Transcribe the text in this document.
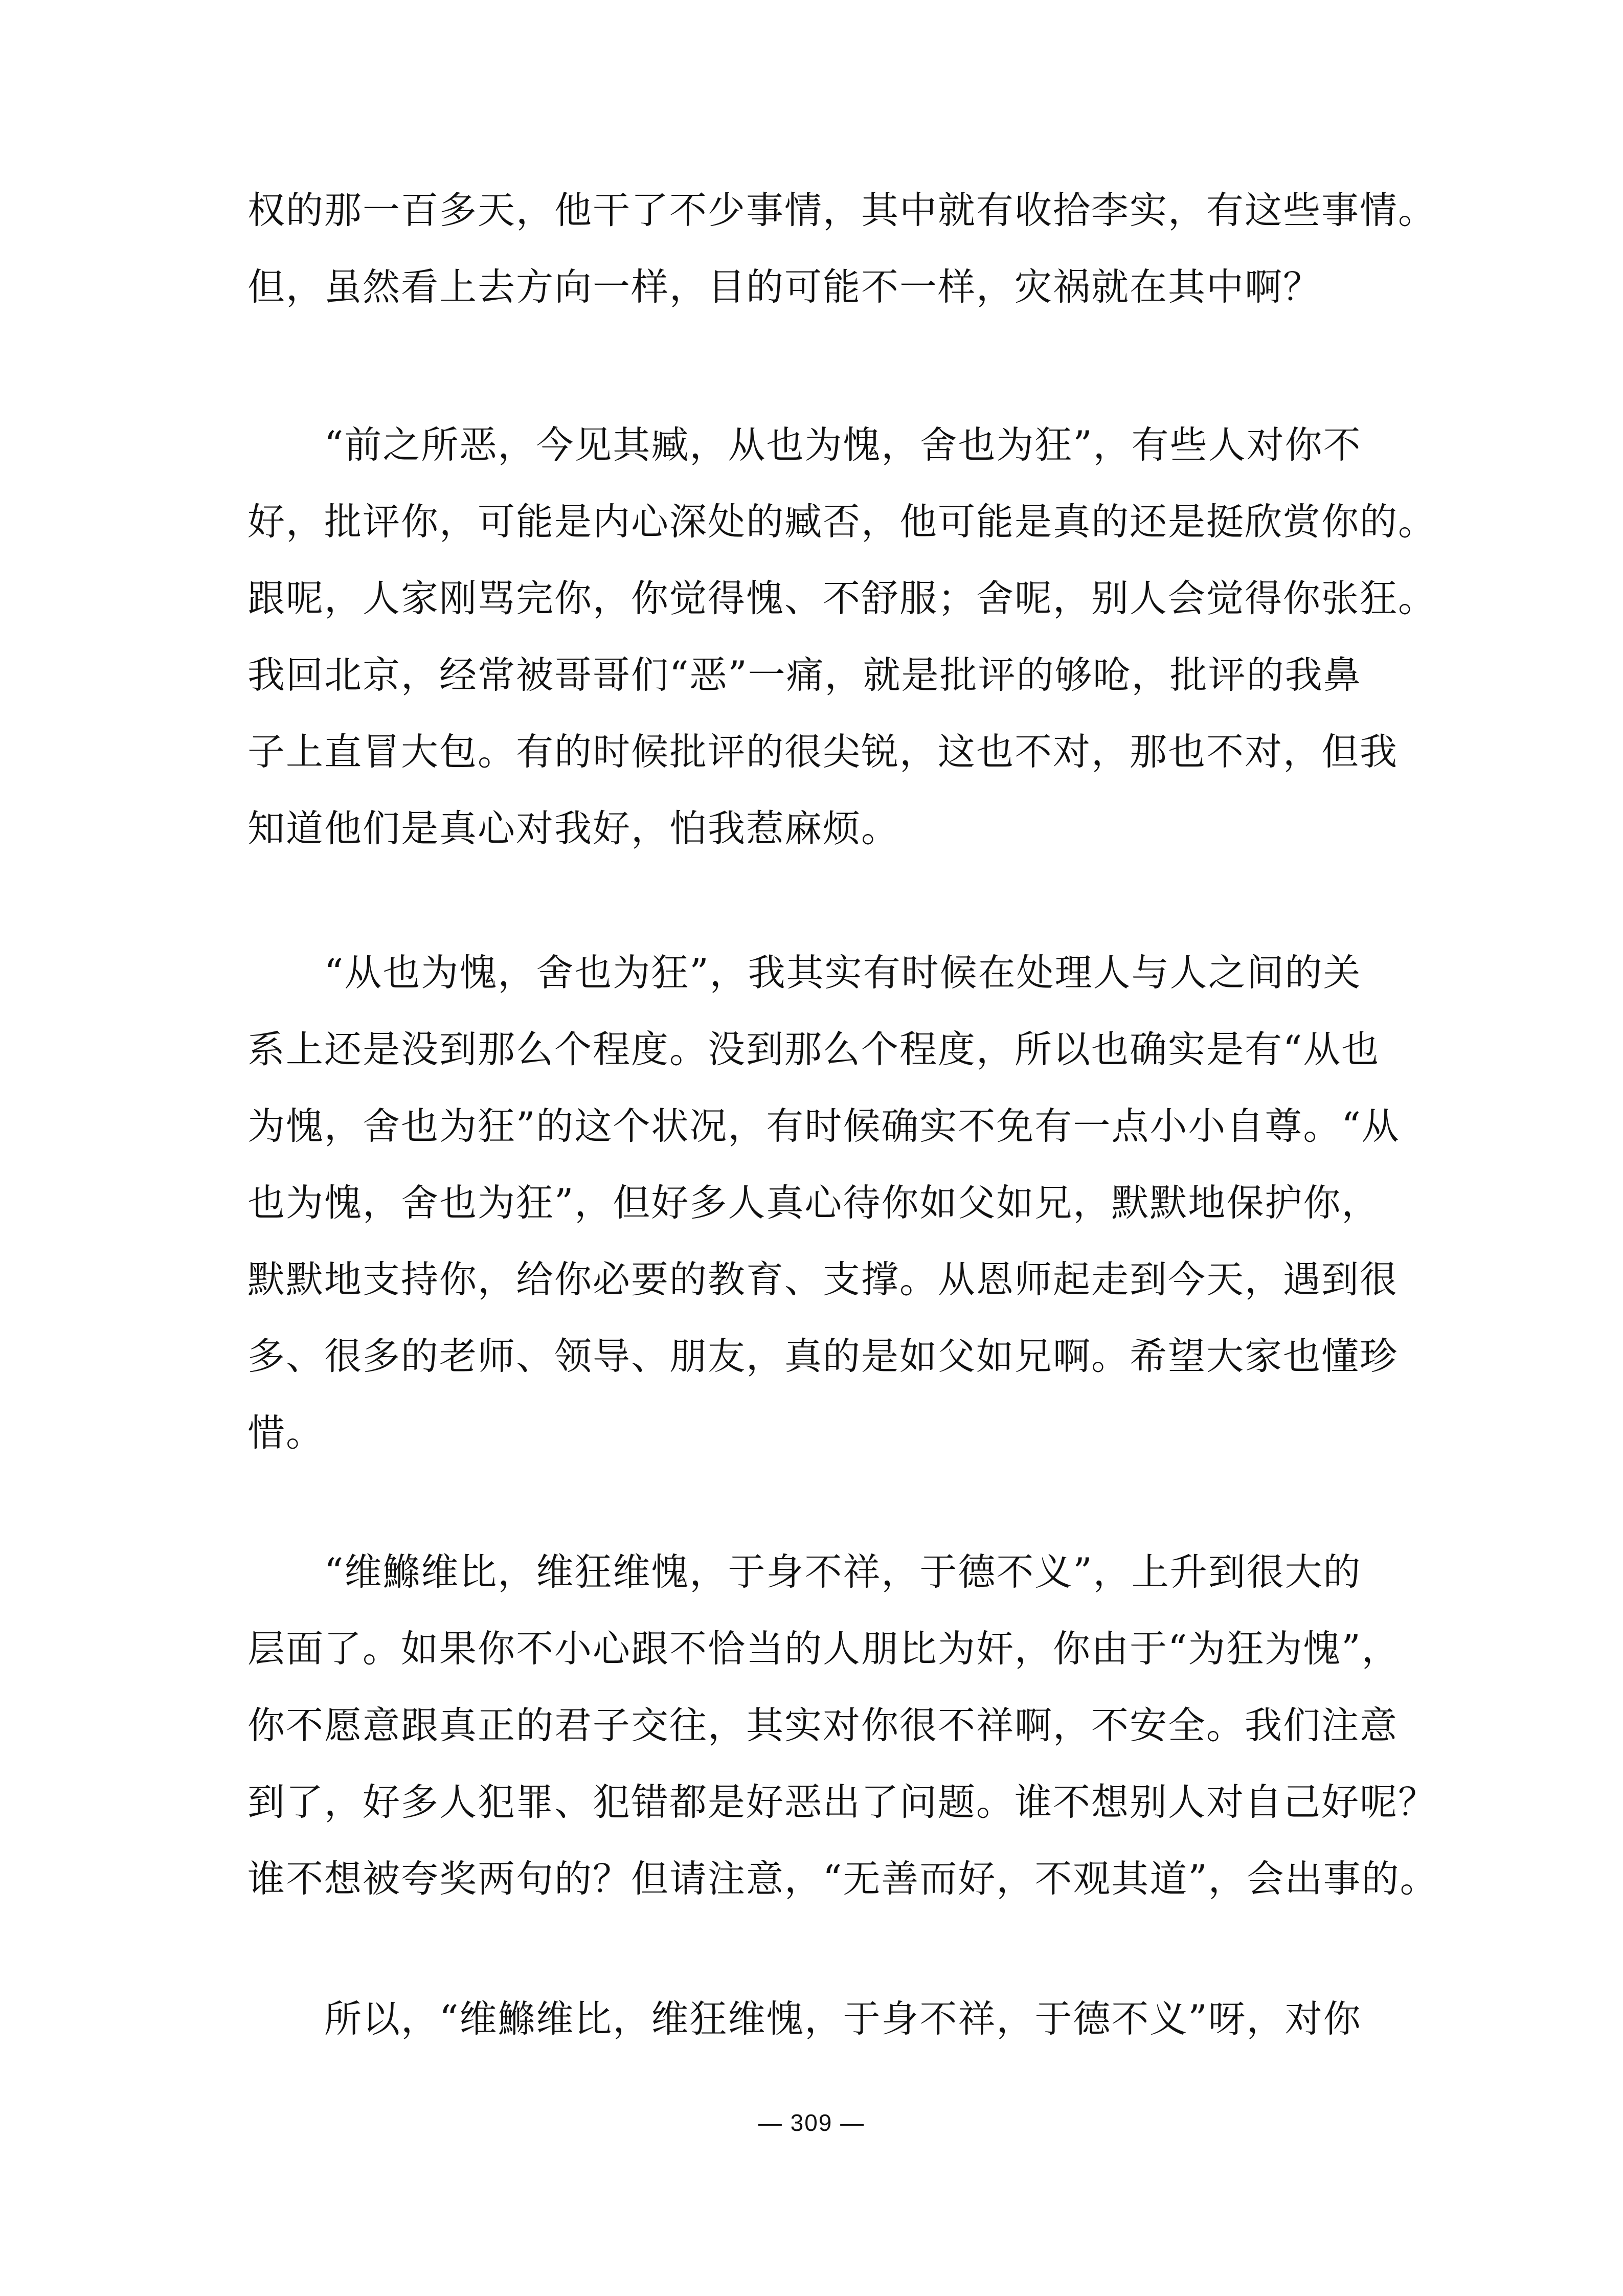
权的那一百多天，他干了不少事情，其中就有收拾李实，有这些事情。
但，虽然看上去方向一样，目的可能不一样，灾祸就在其中啊？
　　“前之所恶，今见其臧，从也为愧，舍也为狂”，有些人对你不
好，批评你，可能是内心深处的臧否，他可能是真的还是挺欣赏你的。
跟呢，人家刚骂完你，你觉得愧、不舒服；舍呢，别人会觉得你张狂。
我回北京，经常被哥哥们“恶”一痛，就是批评的够呛，批评的我鼻
子上直冒大包。有的时候批评的很尖锐，这也不对，那也不对，但我
知道他们是真心对我好，怕我惹麻烦。
　　“从也为愧，舍也为狂”，我其实有时候在处理人与人之间的关
系上还是没到那么个程度。没到那么个程度，所以也确实是有“从也
为愧，舍也为狂”的这个状况，有时候确实不免有一点小小自尊。“从
也为愧，舍也为狂”，但好多人真心待你如父如兄，默默地保护你，
默默地支持你，给你必要的教育、支撑。从恩师起走到今天，遇到很
多、很多的老师、领导、朋友，真的是如父如兄啊。希望大家也懂珍
惜。
　　“维鰷维比，维狂维愧，于身不祥，于德不义”，上升到很大的
层面了。如果你不小心跟不恰当的人朋比为奸，你由于“为狂为愧”，
你不愿意跟真正的君子交往，其实对你很不祥啊，不安全。我们注意
到了，好多人犯罪、犯错都是好恶出了问题。谁不想别人对自己好呢？
谁不想被夸奖两句的？但请注意，“无善而好，不观其道”，会出事的。
　　所以，“维鰷维比，维狂维愧，于身不祥，于德不义”呀，对你
— 309 —
